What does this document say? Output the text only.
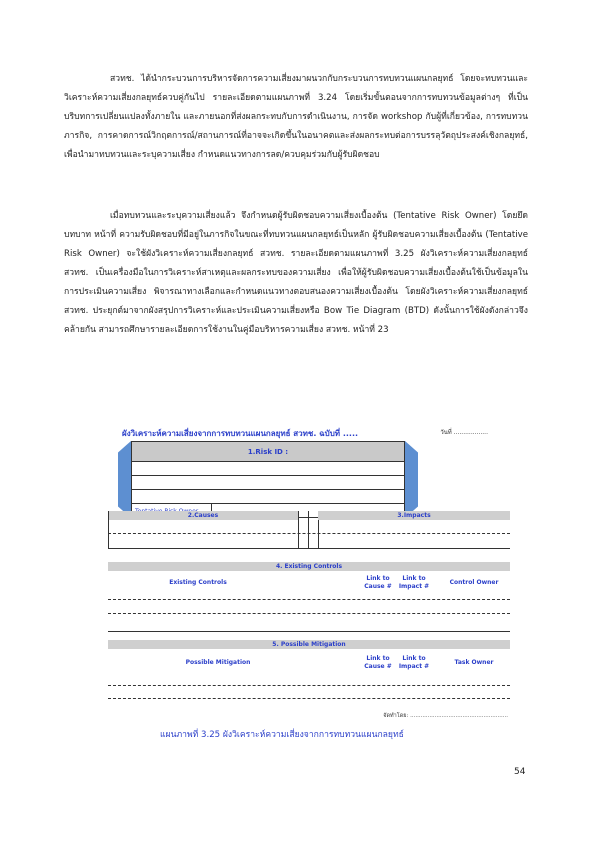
สวทช. ได้นำกระบวนการบริหารจัดการความเสี่ยงมาผนวกกับกระบวนการทบทวนแผนกลยุทธ์ โดยจะทบทวนและวิเคราะห์ความเสี่ยงกลยุทธ์ควบคู่กันไป รายละเอียดตามแผนภาพที่ 3.24 โดยเริ่มขั้นตอนจากการทบทวนข้อมูลต่างๆ ที่เป็นบริบทการเปลี่ยนแปลงทั้งภายใน และภายนอกที่ส่งผลกระทบกับการดำเนินงาน, การจัด workshop กับผู้ที่เกี่ยวข้อง, การทบทวนภารกิจ, การคาดการณ์วิกฤตการณ์/สถานการณ์ที่อาจจะเกิดขึ้นในอนาคตและส่งผลกระทบต่อการบรรลุวัตถุประสงค์เชิงกลยุทธ์, เพื่อนำมาทบทวนและระบุความเสี่ยง กำหนดแนวทางการลด/ควบคุมร่วมกับผู้รับผิดชอบ

เมื่อทบทวนและระบุความเสี่ยงแล้ว จึงกำหนดผู้รับผิดชอบความเสี่ยงเบื้องต้น (Tentative Risk Owner) โดยยึดบทบาท หน้าที่ ความรับผิดชอบที่มีอยู่ในภารกิจในขณะที่ทบทวนแผนกลยุทธ์เป็นหลัก ผู้รับผิดชอบความเสี่ยงเบื้องต้น (Tentative Risk Owner) จะใช้ผังวิเคราะห์ความเสี่ยงกลยุทธ์ สวทช. รายละเอียดตามแผนภาพที่ 3.25 ผังวิเคราะห์ความเสี่ยงกลยุทธ์ สวทช. เป็นเครื่องมือในการวิเคราะห์สาเหตุและผลกระทบของความเสี่ยง เพื่อให้ผู้รับผิดชอบความเสี่ยงเบื้องต้นใช้เป็นข้อมูลในการประเมินความเสี่ยง พิจารณาทางเลือกและกำหนดแนวทางตอบสนองความเสี่ยงเบื้องต้น โดยผังวิเคราะห์ความเสี่ยงกลยุทธ์ สวทช. ประยุกต์มาจากผังสรุปการวิเคราะห์และประเมินความเสี่ยงหรือ Bow Tie Diagram (BTD) ดังนั้นการใช้ผังดังกล่าวจึงคล้ายกัน สามารถศึกษารายละเอียดการใช้งานในคู่มือบริหารความเสี่ยง สวทช. หน้าที่ 23

ผังวิเคราะห์ความเสี่ยงจากการทบทวนแผนกลยุทธ์ สวทช. ฉบับที่ .....	วันที่ ..................
1.Risk ID :
2.Causes	3.Impacts
4. Existing Controls
Existing Controls
Link to Cause #
Link to Impact #
Control Owner
5. Possible Mitigation
Possible Mitigation
Link to Cause #
Link to Impact #
Task Owner
จัดทำโดย: ........................................................
แผนภาพที่ 3.25 ผังวิเคราะห์ความเสี่ยงจากการทบทวนแผนกลยุทธ์
54
